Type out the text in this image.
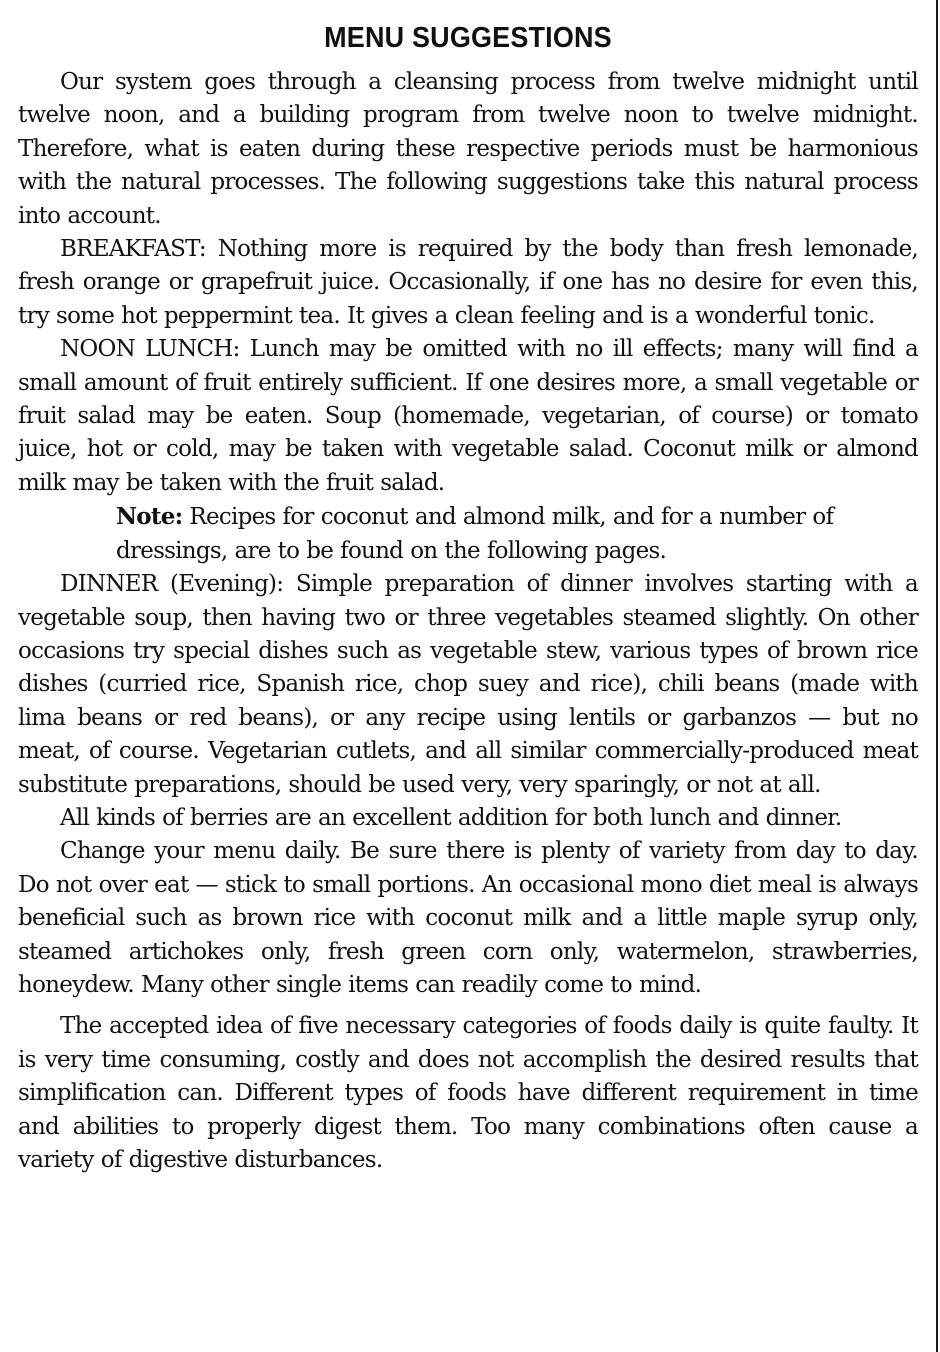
MENU SUGGESTIONS

Our system goes through a cleansing process from twelve midnight until twelve noon, and a building program from twelve noon to twelve midnight. Therefore, what is eaten during these respective periods must be harmonious with the natural processes. The following suggestions take this natural process into account.

BREAKFAST: Nothing more is required by the body than fresh lemonade, fresh orange or grapefruit juice. Occasionally, if one has no desire for even this, try some hot peppermint tea. It gives a clean feeling and is a wonderful tonic.

NOON LUNCH: Lunch may be omitted with no ill effects; many will find a small amount of fruit entirely sufficient. If one desires more, a small vegetable or fruit salad may be eaten. Soup (homemade, vegetarian, of course) or tomato juice, hot or cold, may be taken with vegetable salad. Coconut milk or almond milk may be taken with the fruit salad.

Note: Recipes for coconut and almond milk, and for a number of dressings, are to be found on the following pages.

DINNER (Evening): Simple preparation of dinner involves starting with a vegetable soup, then having two or three vegetables steamed slightly. On other occasions try special dishes such as vegetable stew, various types of brown rice dishes (curried rice, Spanish rice, chop suey and rice), chili beans (made with lima beans or red beans), or any recipe using lentils or garbanzos — but no meat, of course. Vegetarian cutlets, and all similar commercially-produced meat substitute preparations, should be used very, very sparingly, or not at all.

All kinds of berries are an excellent addition for both lunch and dinner.

Change your menu daily. Be sure there is plenty of variety from day to day. Do not over eat — stick to small portions. An occasional mono diet meal is always beneficial such as brown rice with coconut milk and a little maple syrup only, steamed artichokes only, fresh green corn only, watermelon, strawberries, honeydew. Many other single items can readily come to mind.

The accepted idea of five necessary categories of foods daily is quite faulty. It is very time consuming, costly and does not accomplish the desired results that simplification can. Different types of foods have different requirement in time and abilities to properly digest them. Too many combinations often cause a variety of digestive disturbances.
